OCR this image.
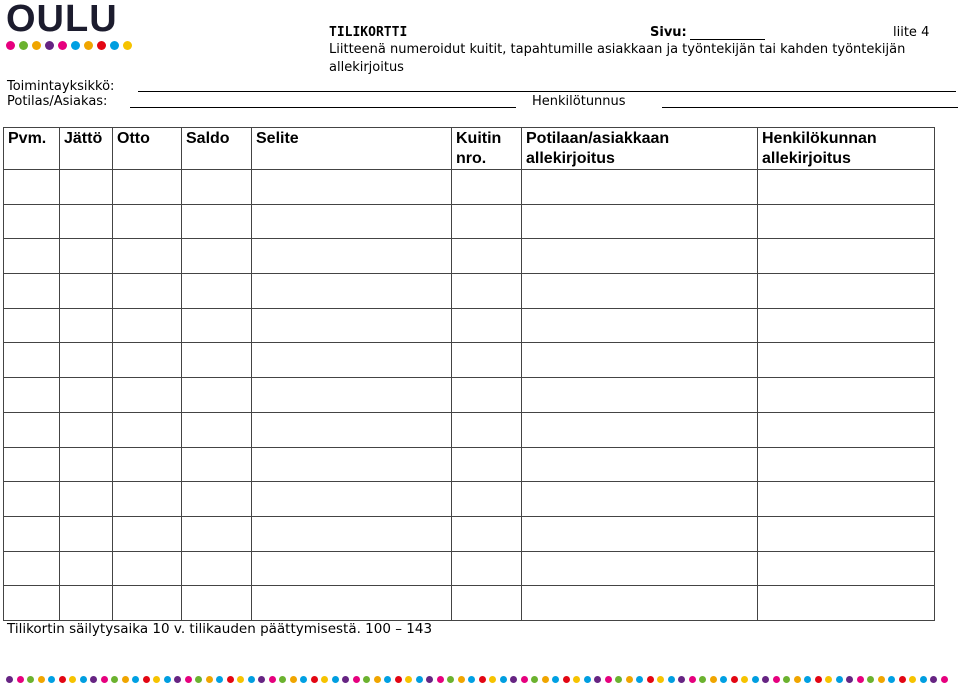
OULU	TILIKORTTI	Sivu:	liite 4
Liitteenä numeroidut kuitit, tapahtumille asiakkaan ja työntekijän tai kahden työntekijän allekirjoitus
Toimintayksikkö:
Potilas/Asiakas:	Henkilötunnus
Pvm.	Jättö	Otto	Saldo	Selite	Kuitin nro.	Potilaan/asiakkaan allekirjoitus	Henkilökunnan allekirjoitus

Tilikortin säilytysaika 10 v. tilikauden päättymisestä. 100 – 143
